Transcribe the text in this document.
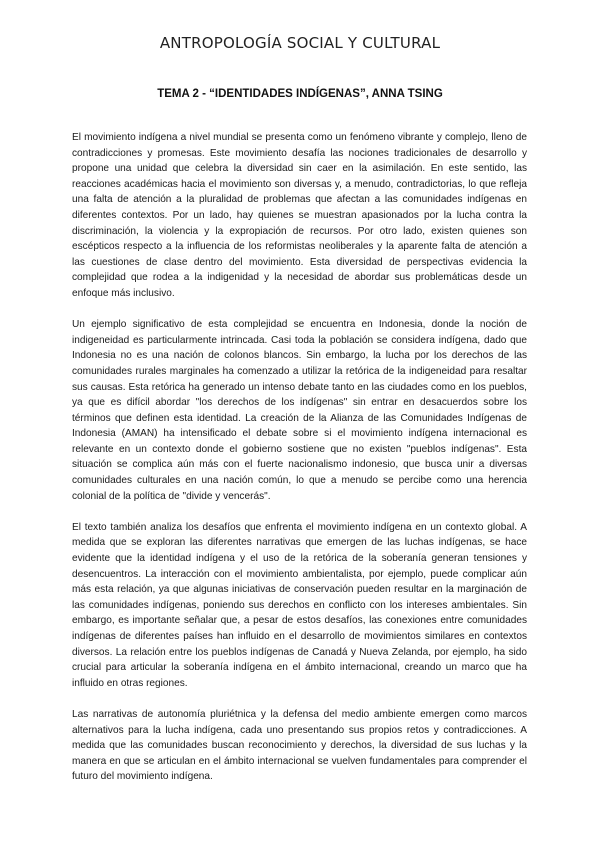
ANTROPOLOGÍA SOCIAL Y CULTURAL
TEMA 2 - “IDENTIDADES INDÍGENAS”, ANNA TSING

El movimiento indígena a nivel mundial se presenta como un fenómeno vibrante y complejo, lleno de contradicciones y promesas. Este movimiento desafía las nociones tradicionales de desarrollo y propone una unidad que celebra la diversidad sin caer en la asimilación. En este sentido, las reacciones académicas hacia el movimiento son diversas y, a menudo, contradictorias, lo que refleja una falta de atención a la pluralidad de problemas que afectan a las comunidades indígenas en diferentes contextos. Por un lado, hay quienes se muestran apasionados por la lucha contra la discriminación, la violencia y la expropiación de recursos. Por otro lado, existen quienes son escépticos respecto a la influencia de los reformistas neoliberales y la aparente falta de atención a las cuestiones de clase dentro del movimiento. Esta diversidad de perspectivas evidencia la complejidad que rodea a la indigenidad y la necesidad de abordar sus problemáticas desde un enfoque más inclusivo.

Un ejemplo significativo de esta complejidad se encuentra en Indonesia, donde la noción de indigeneidad es particularmente intrincada. Casi toda la población se considera indígena, dado que Indonesia no es una nación de colonos blancos. Sin embargo, la lucha por los derechos de las comunidades rurales marginales ha comenzado a utilizar la retórica de la indigeneidad para resaltar sus causas. Esta retórica ha generado un intenso debate tanto en las ciudades como en los pueblos, ya que es difícil abordar "los derechos de los indígenas" sin entrar en desacuerdos sobre los términos que definen esta identidad. La creación de la Alianza de las Comunidades Indígenas de Indonesia (AMAN) ha intensificado el debate sobre si el movimiento indígena internacional es relevante en un contexto donde el gobierno sostiene que no existen "pueblos indígenas". Esta situación se complica aún más con el fuerte nacionalismo indonesio, que busca unir a diversas comunidades culturales en una nación común, lo que a menudo se percibe como una herencia colonial de la política de "divide y vencerás".

El texto también analiza los desafíos que enfrenta el movimiento indígena en un contexto global. A medida que se exploran las diferentes narrativas que emergen de las luchas indígenas, se hace evidente que la identidad indígena y el uso de la retórica de la soberanía generan tensiones y desencuentros. La interacción con el movimiento ambientalista, por ejemplo, puede complicar aún más esta relación, ya que algunas iniciativas de conservación pueden resultar en la marginación de las comunidades indígenas, poniendo sus derechos en conflicto con los intereses ambientales. Sin embargo, es importante señalar que, a pesar de estos desafíos, las conexiones entre comunidades indígenas de diferentes países han influido en el desarrollo de movimientos similares en contextos diversos. La relación entre los pueblos indígenas de Canadá y Nueva Zelanda, por ejemplo, ha sido crucial para articular la soberanía indígena en el ámbito internacional, creando un marco que ha influido en otras regiones.

Las narrativas de autonomía pluriétnica y la defensa del medio ambiente emergen como marcos alternativos para la lucha indígena, cada uno presentando sus propios retos y contradicciones. A medida que las comunidades buscan reconocimiento y derechos, la diversidad de sus luchas y la manera en que se articulan en el ámbito internacional se vuelven fundamentales para comprender el futuro del movimiento indígena.
